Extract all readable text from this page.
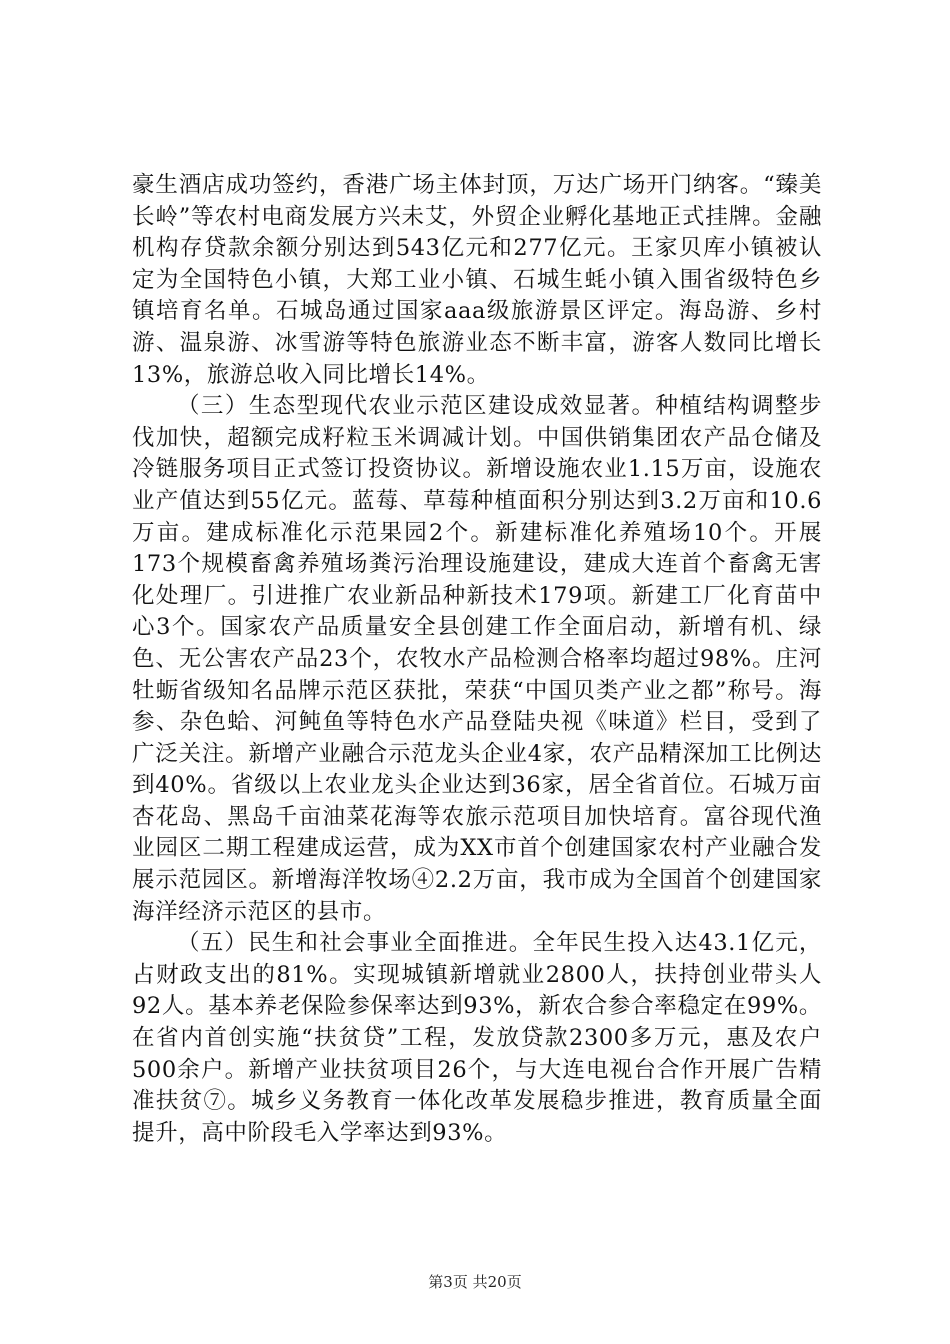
豪生酒店成功签约，香港广场主体封顶，万达广场开门纳客。“臻美长岭”等农村电商发展方兴未艾，外贸企业孵化基地正式挂牌。金融机构存贷款余额分别达到543亿元和277亿元。王家贝库小镇被认定为全国特色小镇，大郑工业小镇、石城生蚝小镇入围省级特色乡镇培育名单。石城岛通过国家aaa级旅游景区评定。海岛游、乡村游、温泉游、冰雪游等特色旅游业态不断丰富，游客人数同比增长13%，旅游总收入同比增长14%。

（三）生态型现代农业示范区建设成效显著。种植结构调整步伐加快，超额完成籽粒玉米调减计划。中国供销集团农产品仓储及冷链服务项目正式签订投资协议。新增设施农业1.15万亩，设施农业产值达到55亿元。蓝莓、草莓种植面积分别达到3.2万亩和10.6万亩。建成标准化示范果园2个。新建标准化养殖场10个。开展173个规模畜禽养殖场粪污治理设施建设，建成大连首个畜禽无害化处理厂。引进推广农业新品种新技术179项。新建工厂化育苗中心3个。国家农产品质量安全县创建工作全面启动，新增有机、绿色、无公害农产品23个，农牧水产品检测合格率均超过98%。庄河牡蛎省级知名品牌示范区获批，荣获“中国贝类产业之都”称号。海参、杂色蛤、河鲀鱼等特色水产品登陆央视《味道》栏目，受到了广泛关注。新增产业融合示范龙头企业4家，农产品精深加工比例达到40%。省级以上农业龙头企业达到36家，居全省首位。石城万亩杏花岛、黑岛千亩油菜花海等农旅示范项目加快培育。富谷现代渔业园区二期工程建成运营，成为XX市首个创建国家农村产业融合发展示范园区。新增海洋牧场④2.2万亩，我市成为全国首个创建国家海洋经济示范区的县市。

（五）民生和社会事业全面推进。全年民生投入达43.1亿元，占财政支出的81%。实现城镇新增就业2800人，扶持创业带头人92人。基本养老保险参保率达到93%，新农合参合率稳定在99%。在省内首创实施“扶贫贷”工程，发放贷款2300多万元，惠及农户500余户。新增产业扶贫项目26个，与大连电视台合作开展广告精准扶贫⑦。城乡义务教育一体化改革发展稳步推进，教育质量全面提升，高中阶段毛入学率达到93%。

第3页 共20页
